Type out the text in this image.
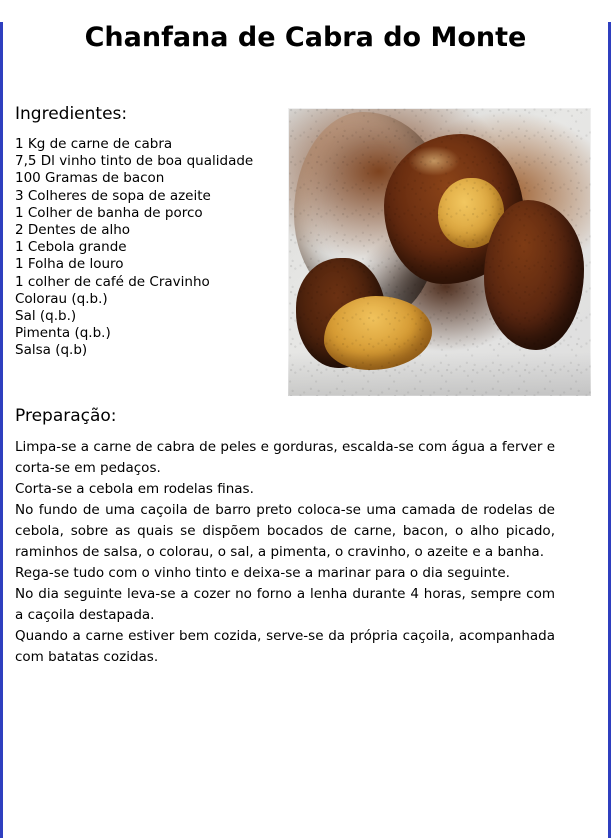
Chanfana de Cabra do Monte
Ingredientes:
1 Kg de carne de cabra
7,5 Dl vinho tinto de boa qualidade
100 Gramas de bacon
3 Colheres de sopa de azeite
1 Colher de banha de porco
2 Dentes de alho
1 Cebola grande
1 Folha de louro
1 colher de café de Cravinho
Colorau (q.b.)
Sal (q.b.)
Pimenta (q.b.)
Salsa (q.b)
Preparação:

Limpa-se a carne de cabra de peles e gorduras, escalda-se com água a ferver e corta-se em pedaços.

Corta-se a cebola em rodelas finas.

No fundo de uma caçoila de barro preto coloca-se uma camada de rodelas de cebola, sobre as quais se dispõem bocados de carne, bacon, o alho picado, raminhos de salsa, o colorau, o sal, a pimenta, o cravinho, o azeite e a banha.

Rega-se tudo com o vinho tinto e deixa-se a marinar para o dia seguinte.

No dia seguinte leva-se a cozer no forno a lenha durante 4 horas, sempre com a caçoila destapada.

Quando a carne estiver bem cozida, serve-se da própria caçoila, acompanhada com batatas cozidas.
